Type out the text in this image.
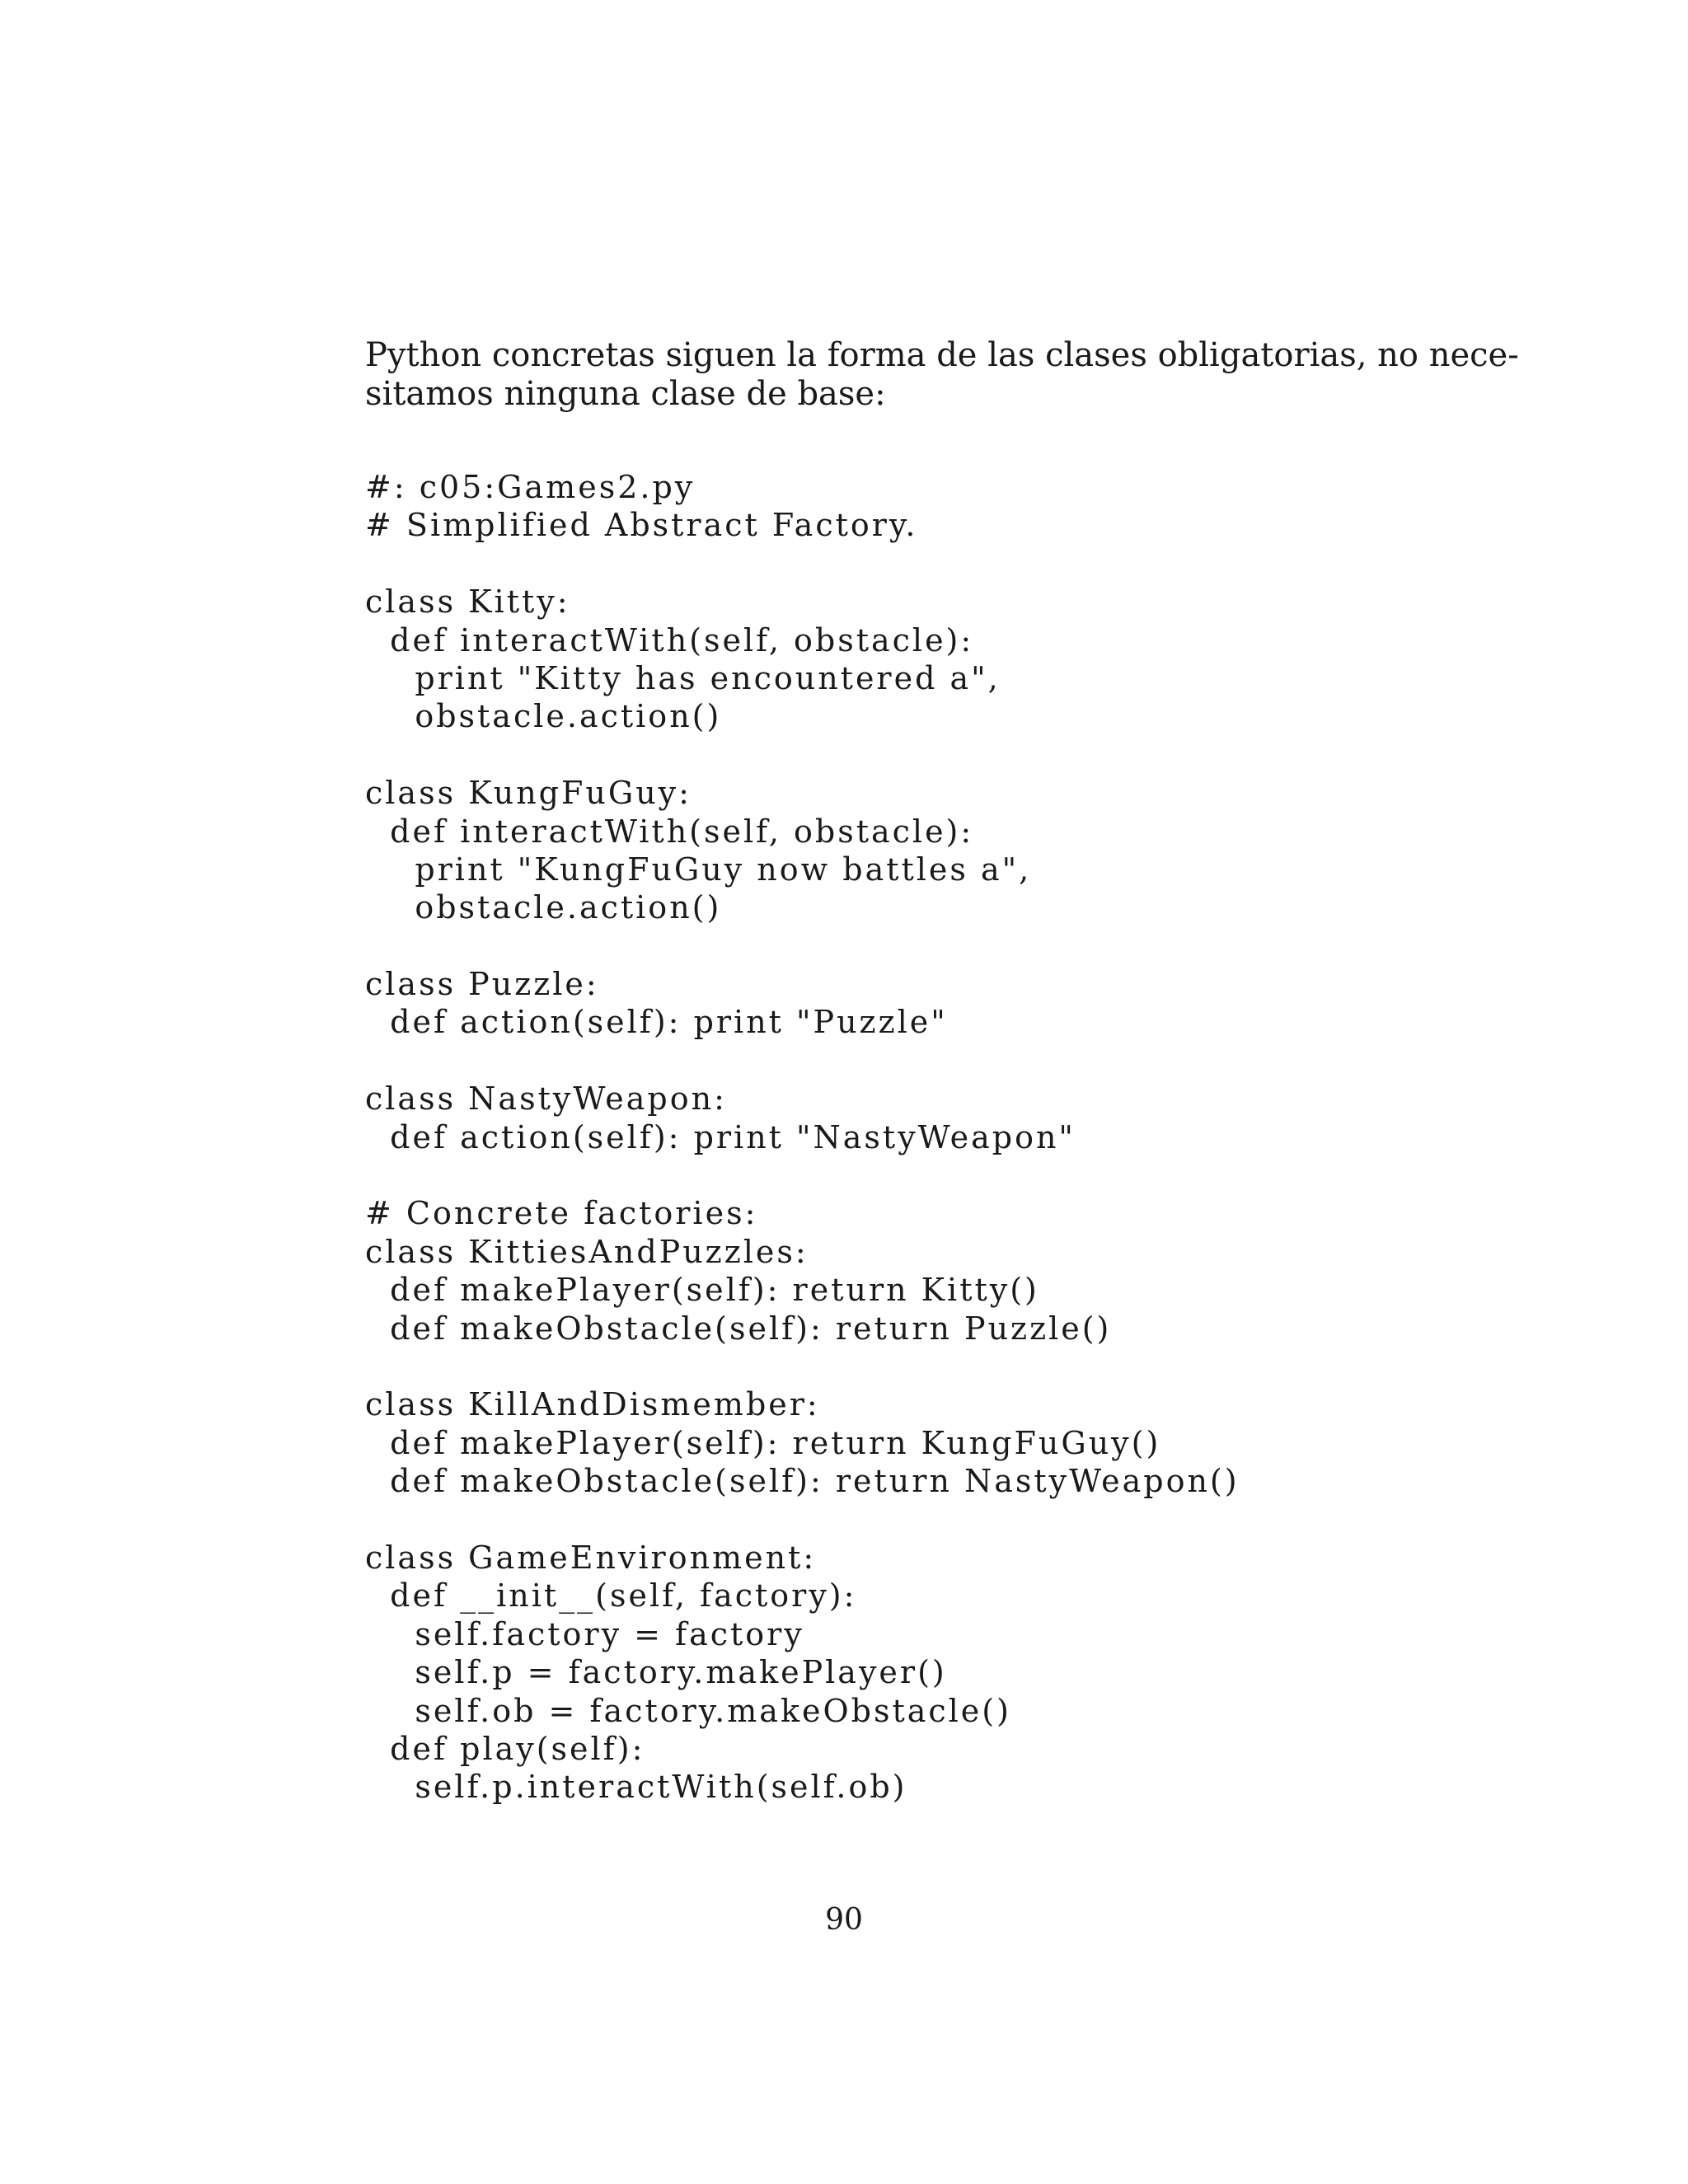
Python concretas siguen la forma de las clases obligatorias, no nece-
sitamos ninguna clase de base:

#: c05:Games2.py
# Simplified Abstract Factory.
class Kitty:
def interactWith(self, obstacle):
print "Kitty has encountered a",
obstacle.action()
class KungFuGuy:
def interactWith(self, obstacle):
print "KungFuGuy now battles a",
obstacle.action()
class Puzzle:
def action(self): print "Puzzle"
class NastyWeapon:
def action(self): print "NastyWeapon"
# Concrete factories:
class KittiesAndPuzzles:
def makePlayer(self): return Kitty()
def makeObstacle(self): return Puzzle()
class KillAndDismember:
def makePlayer(self): return KungFuGuy()
def makeObstacle(self): return NastyWeapon()
class GameEnvironment:
def __init__(self, factory):
self.factory = factory
self.p = factory.makePlayer()
self.ob = factory.makeObstacle()
def play(self):
self.p.interactWith(self.ob)
90
